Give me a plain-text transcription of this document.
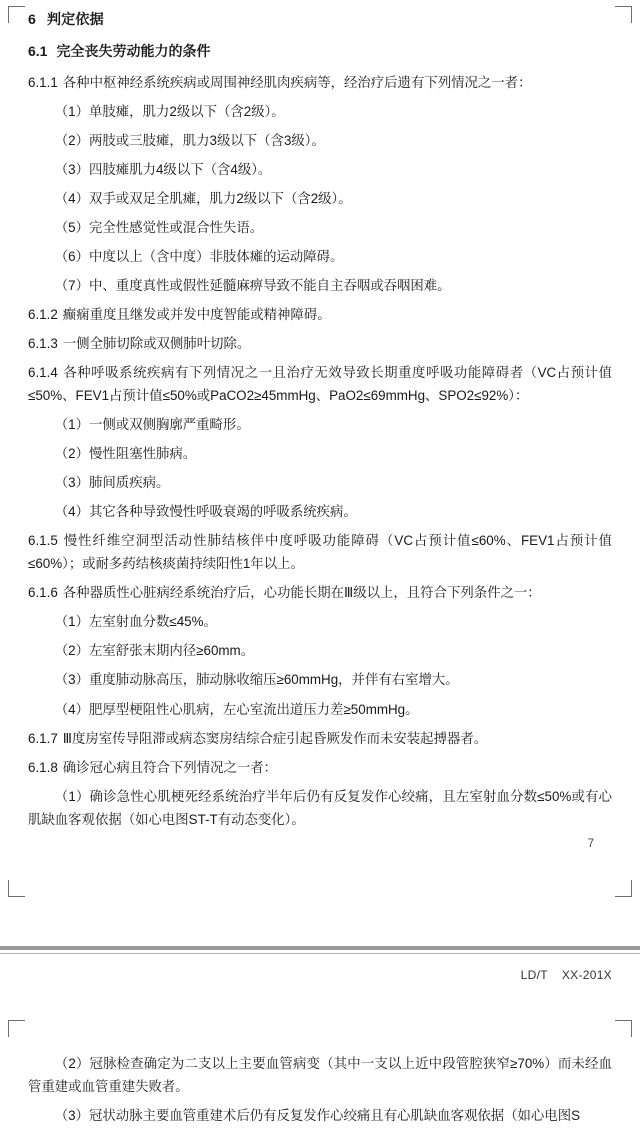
6 判定依据

6.1 完全丧失劳动能力的条件

6.1.1 各种中枢神经系统疾病或周围神经肌肉疾病等，经治疗后遗有下列情况之一者：

（1）单肢瘫，肌力2级以下（含2级）。

（2）两肢或三肢瘫，肌力3级以下（含3级）。

（3）四肢瘫肌力4级以下（含4级）。

（4）双手或双足全肌瘫，肌力2级以下（含2级）。

（5）完全性感觉性或混合性失语。

（6）中度以上（含中度）非肢体瘫的运动障碍。

（7）中、重度真性或假性延髓麻痹导致不能自主吞咽或吞咽困难。

6.1.2 癫痫重度且继发或并发中度智能或精神障碍。

6.1.3 一侧全肺切除或双侧肺叶切除。

6.1.4 各种呼吸系统疾病有下列情况之一且治疗无效导致长期重度呼吸功能障碍者（VC占预计值≤50%、FEV1占预计值≤50%或PaCO2≥45mmHg、PaO2≤69mmHg、SPO2≤92%）：

（1）一侧或双侧胸廓严重畸形。

（2）慢性阻塞性肺病。

（3）肺间质疾病。

（4）其它各种导致慢性呼吸衰竭的呼吸系统疾病。

6.1.5 慢性纤维空洞型活动性肺结核伴中度呼吸功能障碍（VC占预计值≤60%、FEV1占预计值≤60%）；或耐多药结核痰菌持续阳性1年以上。

6.1.6 各种器质性心脏病经系统治疗后，心功能长期在Ⅲ级以上，且符合下列条件之一：

（1）左室射血分数≤45%。

（2）左室舒张末期内径≥60mm。

（3）重度肺动脉高压，肺动脉收缩压≥60mmHg，并伴有右室增大。

（4）肥厚型梗阻性心肌病，左心室流出道压力差≥50mmHg。

6.1.7 Ⅲ度房室传导阻滞或病态窦房结综合症引起昏厥发作而未安装起搏器者。

6.1.8 确诊冠心病且符合下列情况之一者：

（1）确诊急性心肌梗死经系统治疗半年后仍有反复发作心绞痛，且左室射血分数≤50%或有心肌缺血客观依据（如心电图ST-T有动态变化）。

7
LD/T XX-201X

（2）冠脉检查确定为二支以上主要血管病变（其中一支以上近中段管腔狭窄≥70%）而未经血管重建或血管重建失败者。

（3）冠状动脉主要血管重建术后仍有反复发作心绞痛且有心肌缺血客观依据（如心电图S
